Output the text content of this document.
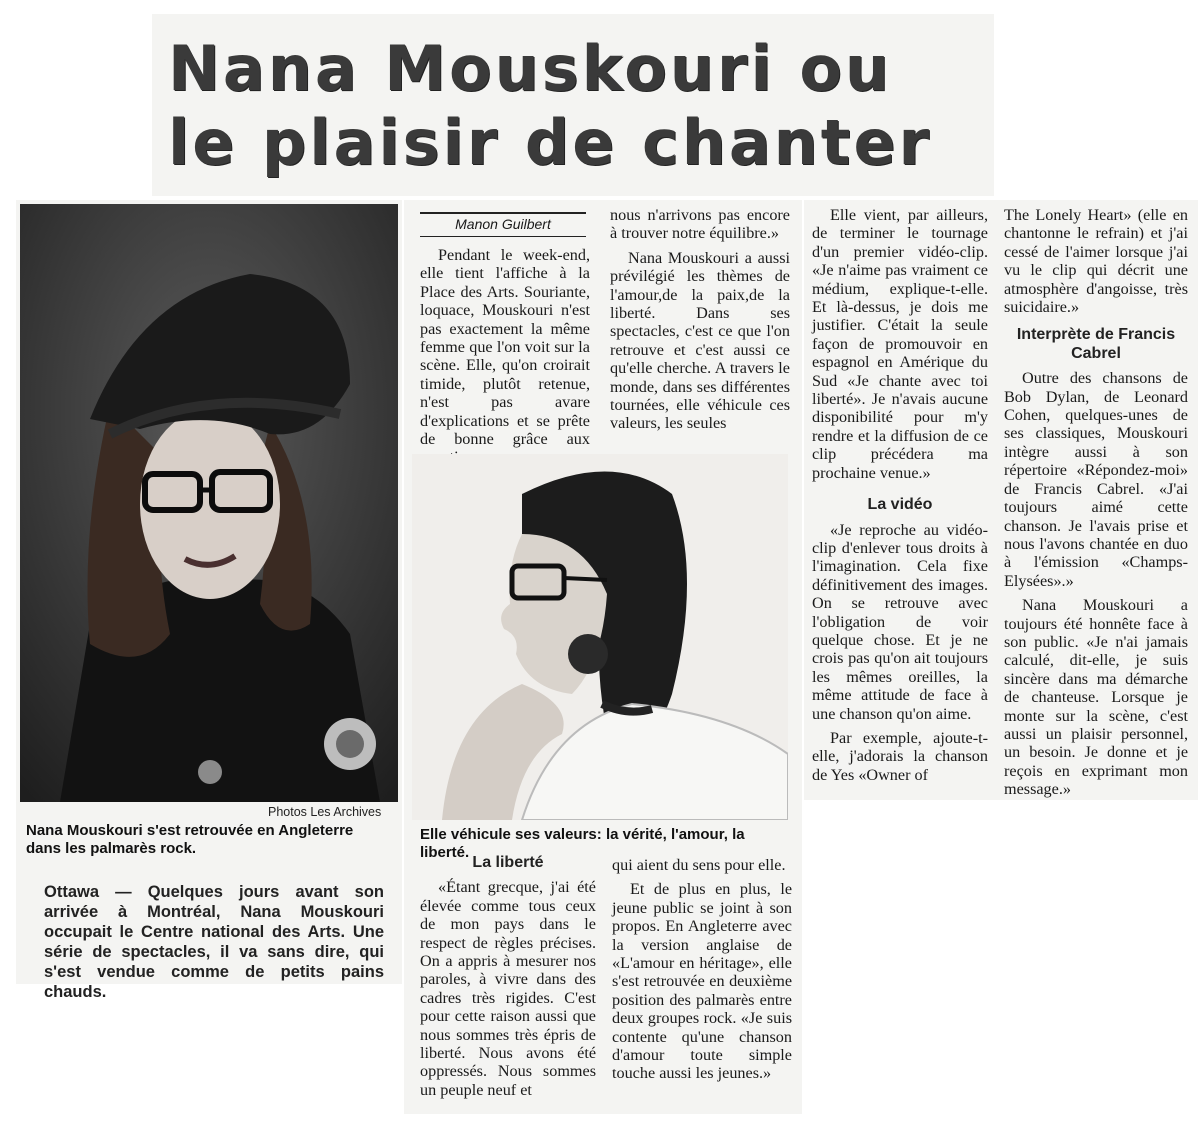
Nana Mouskouri ou
le plaisir de chanter
Photos Les Archives
Nana Mouskouri s'est retrouvée en Angleterre dans les palmarès rock.
Ottawa — Quelques jours avant son arrivée à Montréal, Nana Mouskouri occupait le Centre national des Arts. Une série de spectacles, il va sans dire, qui s'est vendue comme de petits pains chauds.
Manon Guilbert

Pendant le week-end, elle tient l'affiche à la Place des Arts. Souriante, loquace, Mouskouri n'est pas exactement la même femme que l'on voit sur la scène. Elle, qu'on croirait timide, plutôt retenue, n'est pas avare d'explications et se prête de bonne grâce aux

nous n'arrivons pas encore à trouver notre équilibre.»

Nana Mouskouri a aussi prévilégié les thèmes de l'amour,de la paix,de la liberté. Dans ses spectacles, c'est ce que l'on retrouve et c'est aussi ce qu'elle cherche. A travers le monde, dans ses différentes tournées, elle véhicule ces valeurs, les seules

Elle véhicule ses valeurs: la vérité, l'amour, la liberté.
La liberté

«Étant grecque, j'ai été élevée comme tous ceux de mon pays dans le respect de règles précises. On a appris à mesurer nos paroles, à vivre dans des cadres très rigides. C'est pour cette raison aussi que nous sommes très épris de liberté. Nous avons été oppressés. Nous sommes un peuple neuf et

qui aient du sens pour elle.

Et de plus en plus, le jeune public se joint à son propos. En Angleterre avec la version anglaise de «L'amour en héritage», elle s'est retrouvée en deuxième position des palmarès entre deux groupes rock. «Je suis contente qu'une chanson d'amour toute simple touche aussi les jeunes.»

Elle vient, par ailleurs, de terminer le tournage d'un premier vidéo-clip. «Je n'aime pas vraiment ce médium, explique-t-elle. Et là-dessus, je dois me justifier. C'était la seule façon de promouvoir en espagnol en Amérique du Sud «Je chante avec toi liberté». Je n'avais aucune disponibilité pour m'y rendre et la diffusion de ce clip précédera ma prochaine venue.»

La vidéo

«Je reproche au vidéo-clip d'enlever tous droits à l'imagination. Cela fixe définitivement des images. On se retrouve avec l'obligation de voir quelque chose. Et je ne crois pas qu'on ait toujours les mêmes oreilles, la même attitude de face à une chanson qu'on aime.

Par exemple, ajoute-t-elle, j'adorais la chanson de Yes «Owner of

The Lonely Heart» (elle en chantonne le refrain) et j'ai cessé de l'aimer lorsque j'ai vu le clip qui décrit une atmosphère d'angoisse, très suicidaire.»

Interprète de Francis Cabrel

Outre des chansons de Bob Dylan, de Leonard Cohen, quelques-unes de ses classiques, Mouskouri intègre aussi à son répertoire «Répondez-moi» de Francis Cabrel. «J'ai toujours aimé cette chanson. Je l'avais prise et nous l'avons chantée en duo à l'émission «Champs-Elysées».»

Nana Mouskouri a toujours été honnête face à son public. «Je n'ai jamais calculé, dit-elle, je suis sincère dans ma démarche de chanteuse. Lorsque je monte sur la scène, c'est aussi un plaisir personnel, un besoin. Je donne et je reçois en exprimant mon message.»
